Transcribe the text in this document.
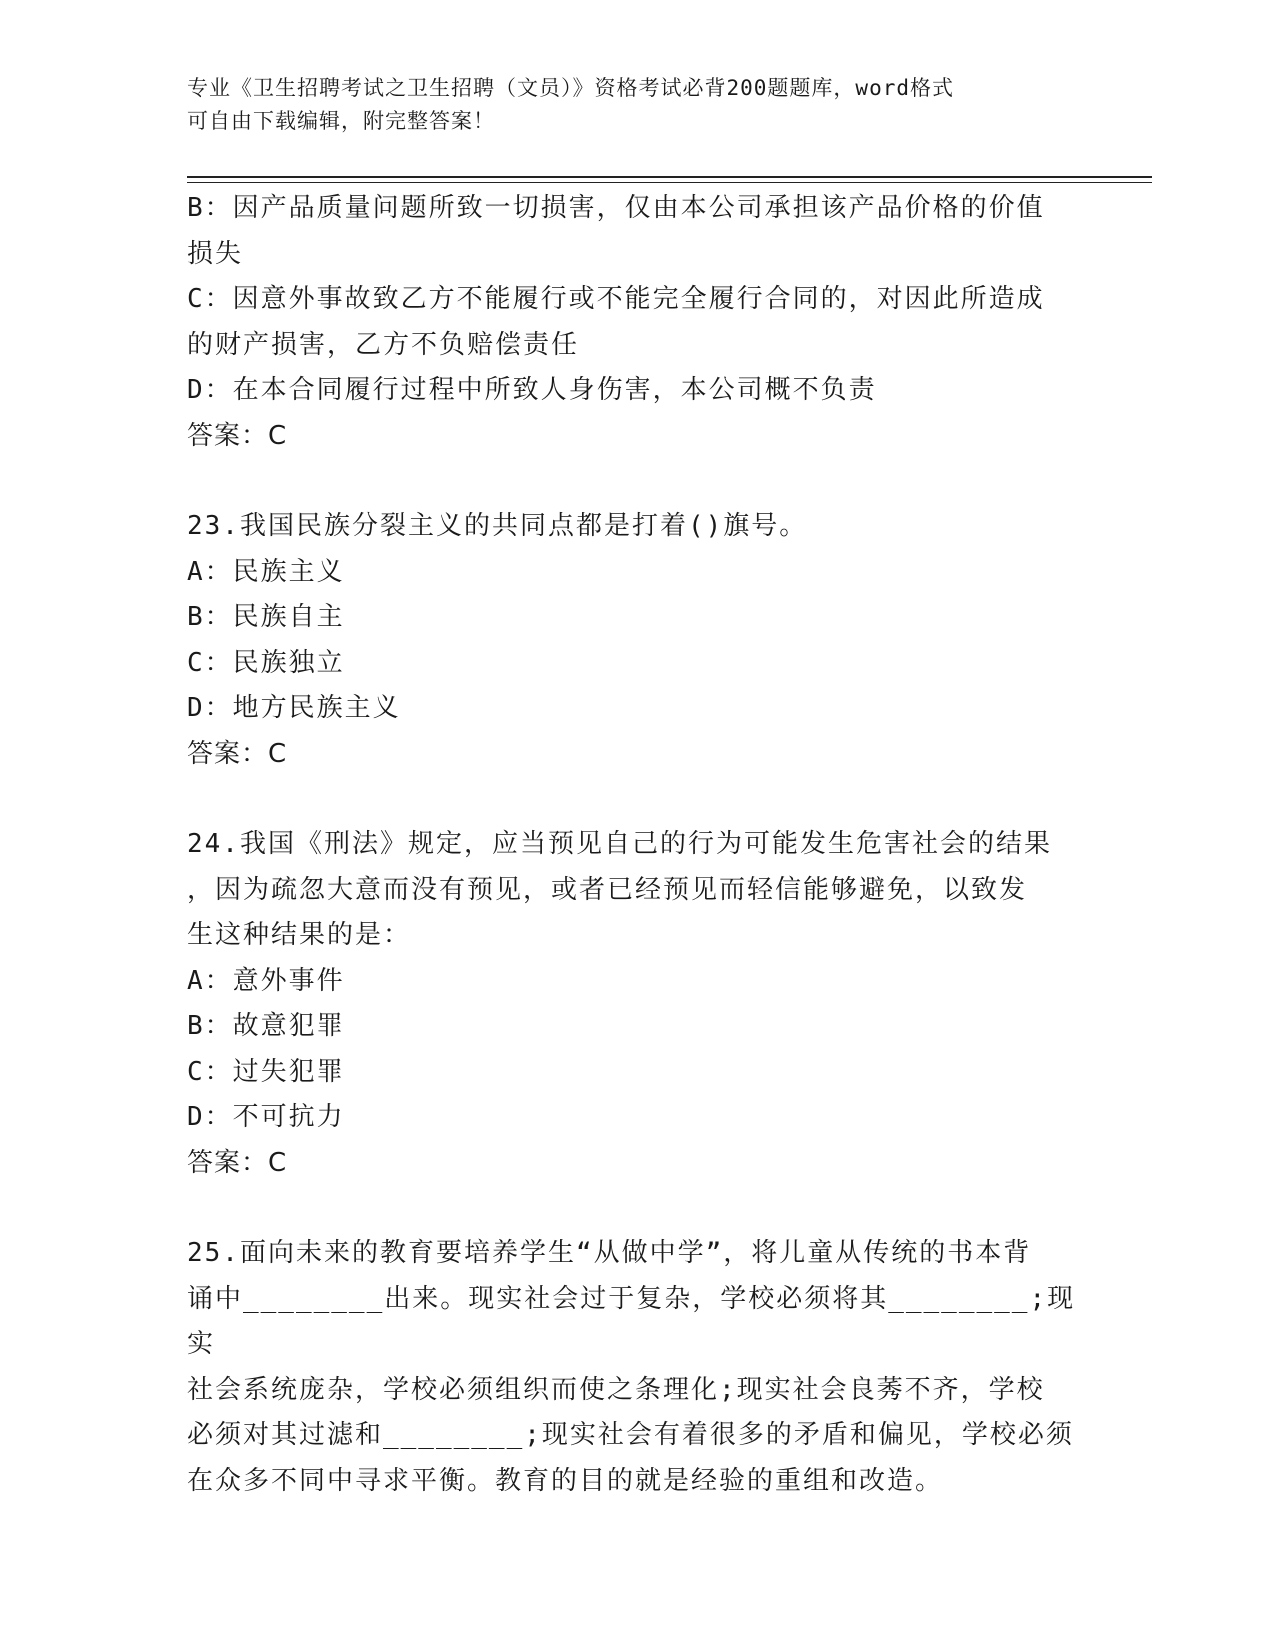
专业《卫生招聘考试之卫生招聘（文员）》资格考试必背200题题库，word格式
可自由下载编辑，附完整答案！

B：因产品质量问题所致一切损害，仅由本公司承担该产品价格的价值

损失

C：因意外事故致乙方不能履行或不能完全履行合同的，对因此所造成

的财产损害，乙方不负赔偿责任

D：在本合同履行过程中所致人身伤害，本公司概不负责

答案：C

23.我国民族分裂主义的共同点都是打着()旗号。

A：民族主义

B：民族自主

C：民族独立

D：地方民族主义

答案：C

24.我国《刑法》规定，应当预见自己的行为可能发生危害社会的结果

，因为疏忽大意而没有预见，或者已经预见而轻信能够避免，以致发

生这种结果的是：

A：意外事件

B：故意犯罪

C：过失犯罪

D：不可抗力

答案：C

25.面向未来的教育要培养学生“从做中学”，将儿童从传统的书本背

诵中________出来。现实社会过于复杂，学校必须将其________;现实

社会系统庞杂，学校必须组织而使之条理化;现实社会良莠不齐，学校

必须对其过滤和________;现实社会有着很多的矛盾和偏见，学校必须

在众多不同中寻求平衡。教育的目的就是经验的重组和改造。
